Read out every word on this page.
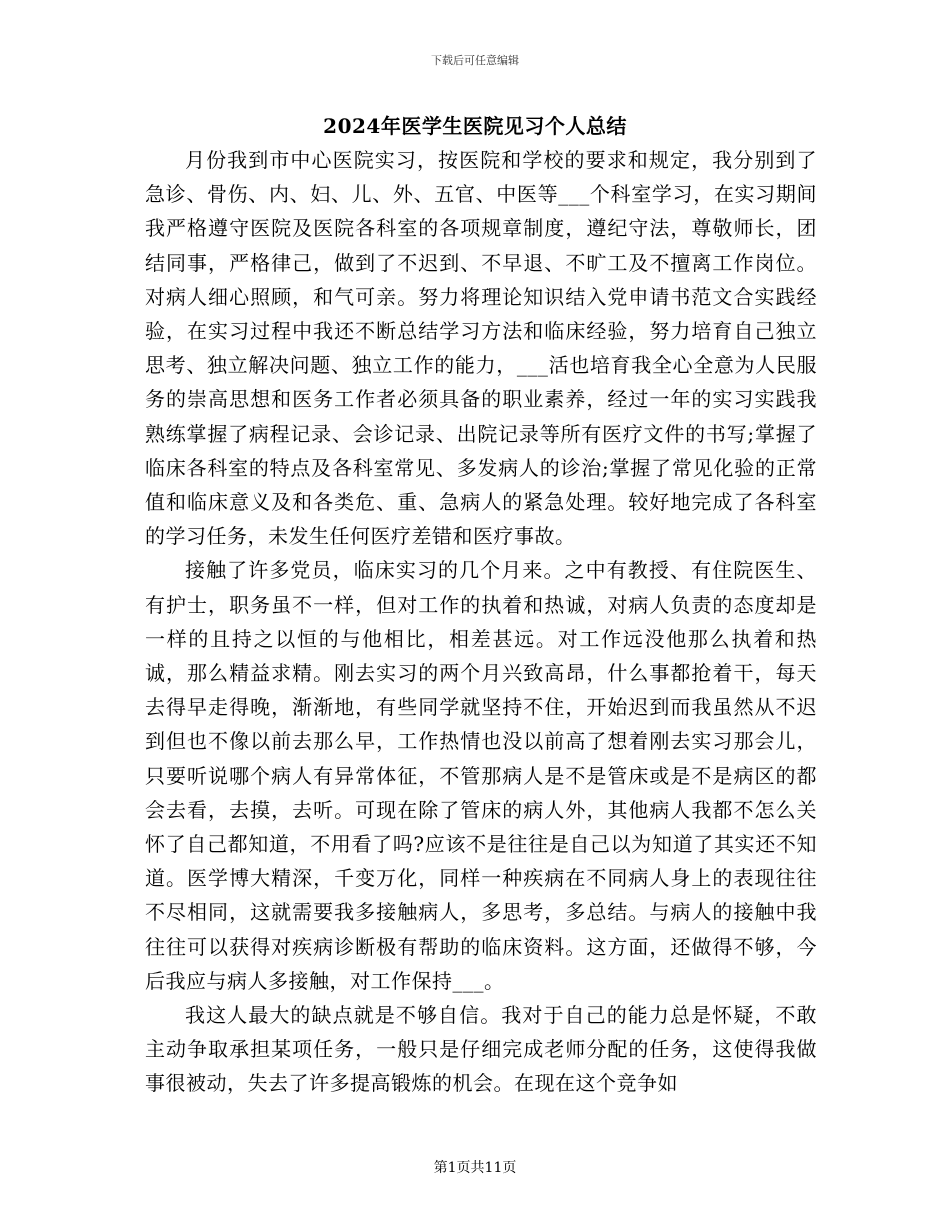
下载后可任意编辑
2024年医学生医院见习个人总结

月份我到市中心医院实习，按医院和学校的要求和规定，我分别到了急诊、骨伤、内、妇、儿、外、五官、中医等___个科室学习，在实习期间我严格遵守医院及医院各科室的各项规章制度，遵纪守法，尊敬师长，团结同事，严格律己，做到了不迟到、不早退、不旷工及不擅离工作岗位。对病人细心照顾，和气可亲。努力将理论知识结入党申请书范文合实践经验，在实习过程中我还不断总结学习方法和临床经验，努力培育自己独立思考、独立解决问题、独立工作的能力，___活也培育我全心全意为人民服务的崇高思想和医务工作者必须具备的职业素养，经过一年的实习实践我熟练掌握了病程记录、会诊记录、出院记录等所有医疗文件的书写;掌握了临床各科室的特点及各科室常见、多发病人的诊治;掌握了常见化验的正常值和临床意义及和各类危、重、急病人的紧急处理。较好地完成了各科室的学习任务，未发生任何医疗差错和医疗事故。

接触了许多党员，临床实习的几个月来。之中有教授、有住院医生、有护士，职务虽不一样，但对工作的执着和热诚，对病人负责的态度却是一样的且持之以恒的与他相比，相差甚远。对工作远没他那么执着和热诚，那么精益求精。刚去实习的两个月兴致高昂，什么事都抢着干，每天去得早走得晚，渐渐地，有些同学就坚持不住，开始迟到而我虽然从不迟到但也不像以前去那么早，工作热情也没以前高了想着刚去实习那会儿，只要听说哪个病人有异常体征，不管那病人是不是管床或是不是病区的都会去看，去摸，去听。可现在除了管床的病人外，其他病人我都不怎么关怀了自己都知道，不用看了吗?应该不是往往是自己以为知道了其实还不知道。医学博大精深，千变万化，同样一种疾病在不同病人身上的表现往往不尽相同，这就需要我多接触病人，多思考，多总结。与病人的接触中我往往可以获得对疾病诊断极有帮助的临床资料。这方面，还做得不够，今后我应与病人多接触，对工作保持___。

我这人最大的缺点就是不够自信。我对于自己的能力总是怀疑，不敢主动争取承担某项任务，一般只是仔细完成老师分配的任务，这使得我做事很被动，失去了许多提高锻炼的机会。在现在这个竞争如

第1页共11页
